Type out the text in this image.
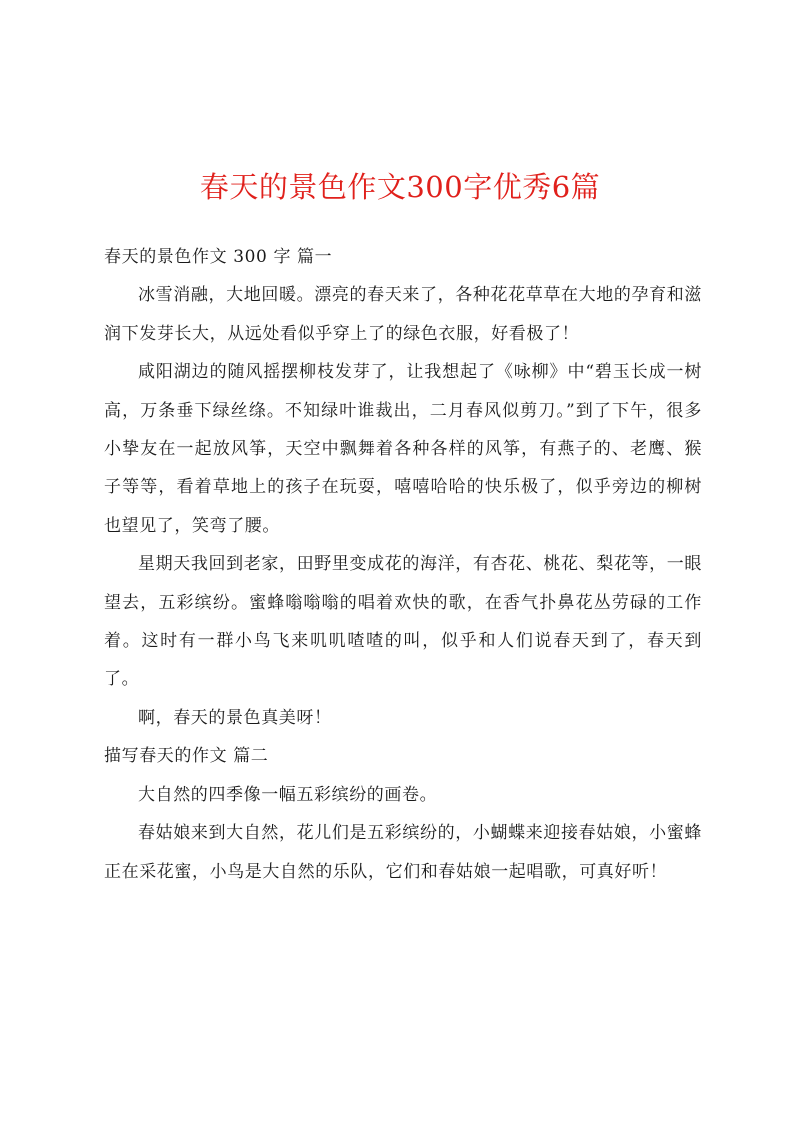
春天的景色作文300字优秀6篇

春天的景色作文 300 字 篇一

冰雪消融，大地回暖。漂亮的春天来了，各种花花草草在大地的孕育和滋润下发芽长大，从远处看似乎穿上了的绿色衣服，好看极了！

咸阳湖边的随风摇摆柳枝发芽了，让我想起了《咏柳》中“碧玉长成一树高，万条垂下绿丝绦。不知绿叶谁裁出，二月春风似剪刀。”到了下午，很多小挚友在一起放风筝，天空中飘舞着各种各样的风筝，有燕子的、老鹰、猴子等等，看着草地上的孩子在玩耍，嘻嘻哈哈的快乐极了，似乎旁边的柳树也望见了，笑弯了腰。

星期天我回到老家，田野里变成花的海洋，有杏花、桃花、梨花等，一眼望去，五彩缤纷。蜜蜂嗡嗡嗡的唱着欢快的歌，在香气扑鼻花丛劳碌的工作着。这时有一群小鸟飞来叽叽喳喳的叫，似乎和人们说春天到了，春天到了。

啊，春天的景色真美呀！

描写春天的作文 篇二

大自然的四季像一幅五彩缤纷的画卷。

春姑娘来到大自然，花儿们是五彩缤纷的，小蝴蝶来迎接春姑娘，小蜜蜂正在采花蜜，小鸟是大自然的乐队，它们和春姑娘一起唱歌，可真好听！
